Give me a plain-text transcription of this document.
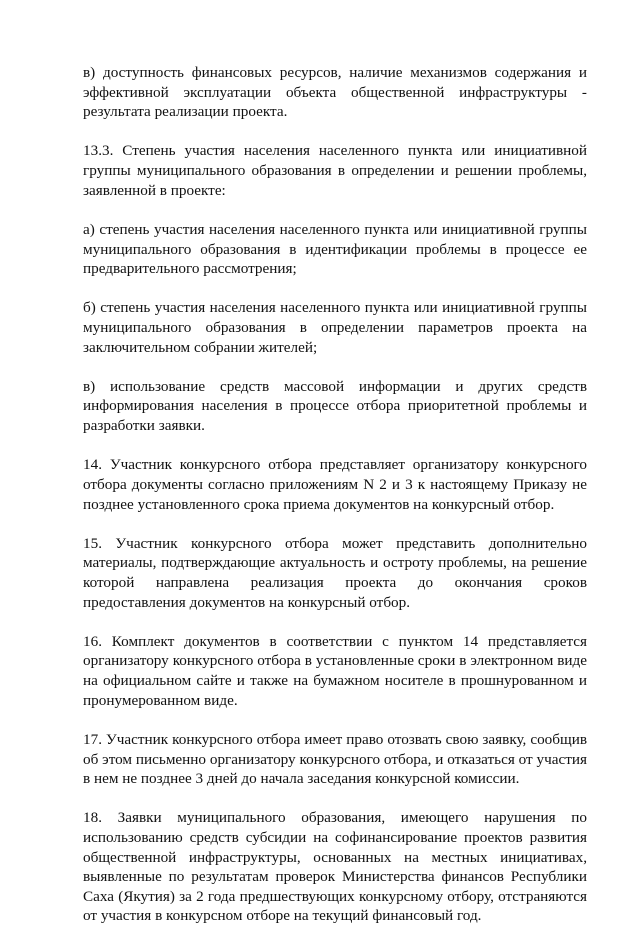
в) доступность финансовых ресурсов, наличие механизмов содержания и эффективной эксплуатации объекта общественной инфраструктуры - результата реализации проекта.

13.3. Степень участия населения населенного пункта или инициативной группы муниципального образования в определении и решении проблемы, заявленной в проекте:

а) степень участия населения населенного пункта или инициативной группы муниципального образования в идентификации проблемы в процессе ее предварительного рассмотрения;

б) степень участия населения населенного пункта или инициативной группы муниципального образования в определении параметров проекта на заключительном собрании жителей;

в) использование средств массовой информации и других средств информирования населения в процессе отбора приоритетной проблемы и разработки заявки.

14. Участник конкурсного отбора представляет организатору конкурсного отбора документы согласно приложениям N 2 и 3 к настоящему Приказу не позднее установленного срока приема документов на конкурсный отбор.

15. Участник конкурсного отбора может представить дополнительно материалы, подтверждающие актуальность и остроту проблемы, на решение которой направлена реализация проекта до окончания сроков предоставления документов на конкурсный отбор.

16. Комплект документов в соответствии с пунктом 14 представляется организатору конкурсного отбора в установленные сроки в электронном виде на официальном сайте и также на бумажном носителе в прошнурованном и пронумерованном виде.

17. Участник конкурсного отбора имеет право отозвать свою заявку, сообщив об этом письменно организатору конкурсного отбора, и отказаться от участия в нем не позднее 3 дней до начала заседания конкурсной комиссии.

18. Заявки муниципального образования, имеющего нарушения по использованию средств субсидии на софинансирование проектов развития общественной инфраструктуры, основанных на местных инициативах, выявленные по результатам проверок Министерства финансов Республики Саха (Якутия) за 2 года предшествующих конкурсному отбору, отстраняются от участия в конкурсном отборе на текущий финансовый год.
